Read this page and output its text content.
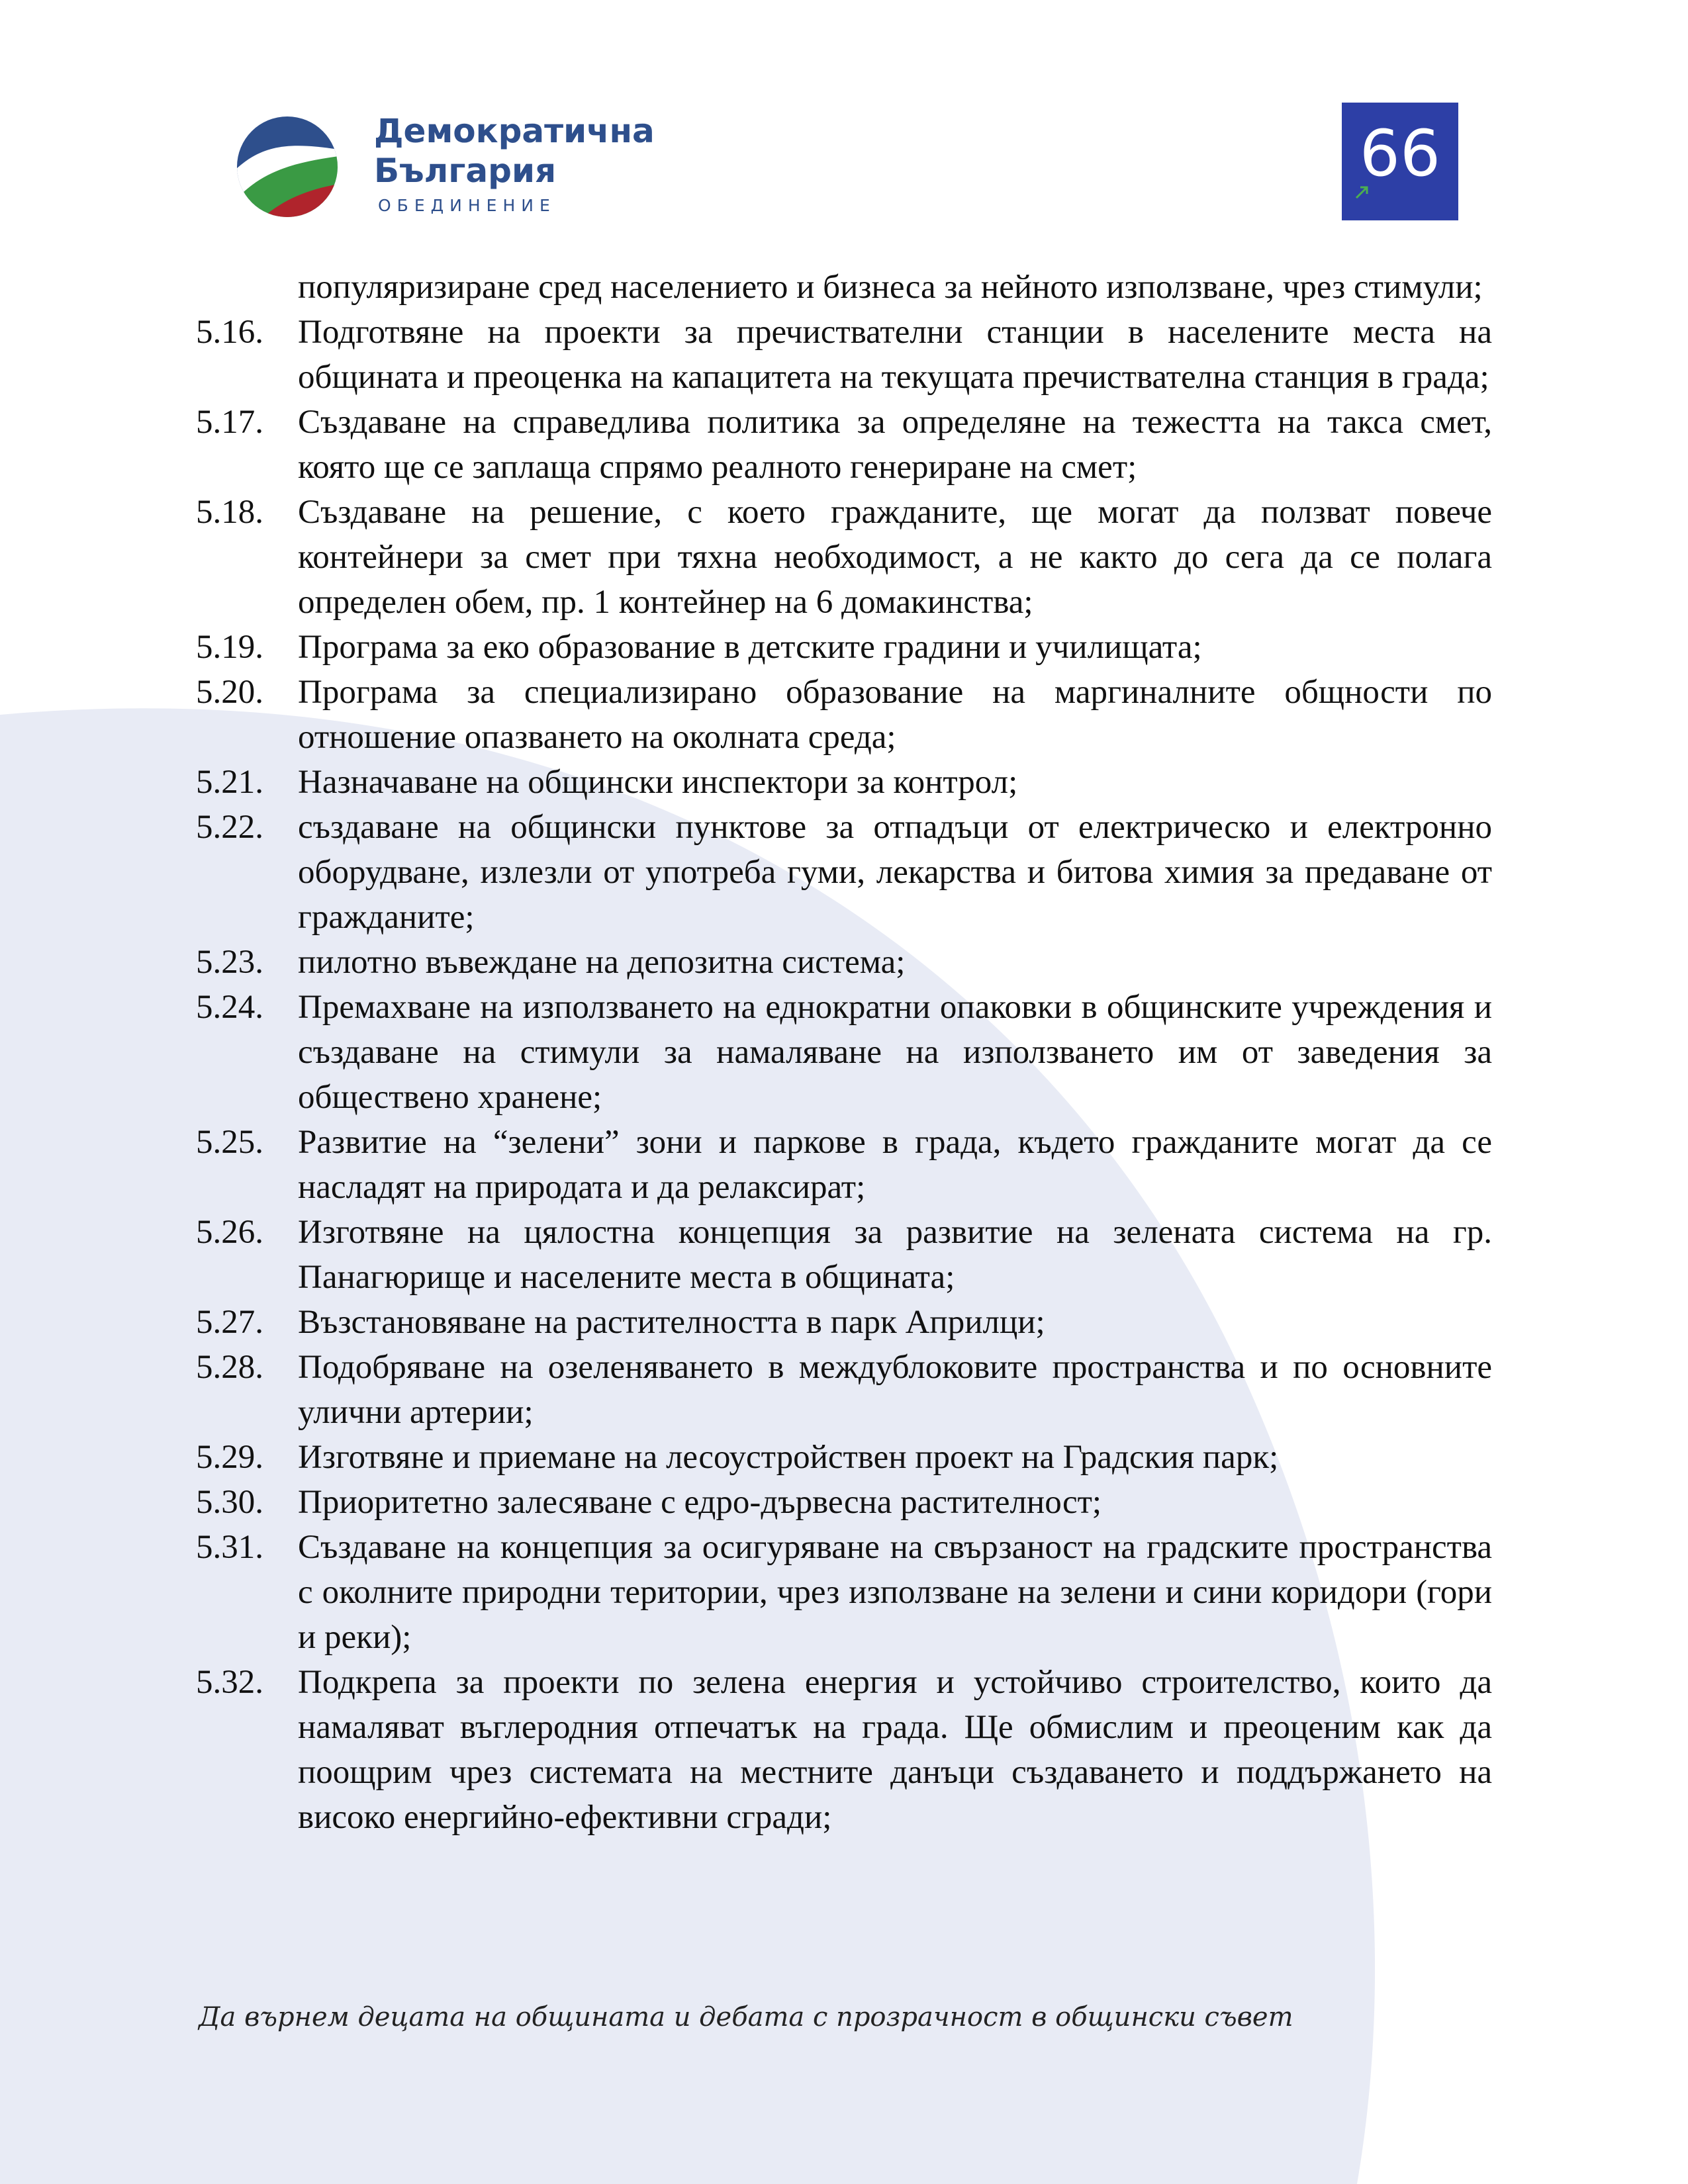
Демократична
България
ОБЕДИНЕНИЕ
66
популяризиране сред населението и бизнеса за нейното използване, чрез стимули;
5.16.	Подготвяне на проекти за пречиствателни станции в населените места на общината и преоценка на капацитета на текущата пречиствателна станция в града;
5.17.	Създаване на справедлива политика за определяне на тежестта на такса смет, която ще се заплаща спрямо реалното генериране на смет;
5.18.	Създаване на решение, с което гражданите, ще могат да ползват повече контейнери за смет при тяхна необходимост, а не както до сега да се полага определен обем, пр. 1 контейнер на 6 домакинства;
5.19.	Програма за еко образование в детските градини и училищата;
5.20.	Програма за специализирано образование на маргиналните общности по отношение опазването на околната среда;
5.21.	Назначаване на общински инспектори за контрол;
5.22.	създаване на общински пунктове за отпадъци от електрическо и електронно оборудване, излезли от употреба гуми, лекарства и битова химия за предаване от гражданите;
5.23.	пилотно въвеждане на депозитна система;
5.24.	Премахване на използването на еднократни опаковки в общинските учреждения и създаване на стимули за намаляване на използването им от заведения за обществено хранене;
5.25.	Развитие на “зелени” зони и паркове в града, където гражданите могат да се насладят на природата и да релаксират;
5.26.	Изготвяне на цялостна концепция за развитие на зелената система на гр. Панагюрище и населените места в общината;
5.27.	Възстановяване на растителността в парк Априлци;
5.28.	Подобряване на озеленяването в междублоковите пространства и по основните улични артерии;
5.29.	Изготвяне и приемане на лесоустройствен проект на Градския парк;
5.30.	Приоритетно залесяване с едро-дървесна растителност;
5.31.	Създаване на концепция за осигуряване на свързаност на градските пространства с околните природни територии, чрез използване на зелени и сини коридори (гори и реки);
5.32.	Подкрепа за проекти по зелена енергия и устойчиво строителство, които да намаляват въглеродния отпечатък на града. Ще обмислим и преоценим как да поощрим чрез системата на местните данъци създаването и поддържането на високо енергийно-ефективни сгради;
Да върнем децата на общината и дебата с прозрачност в общински съвет
